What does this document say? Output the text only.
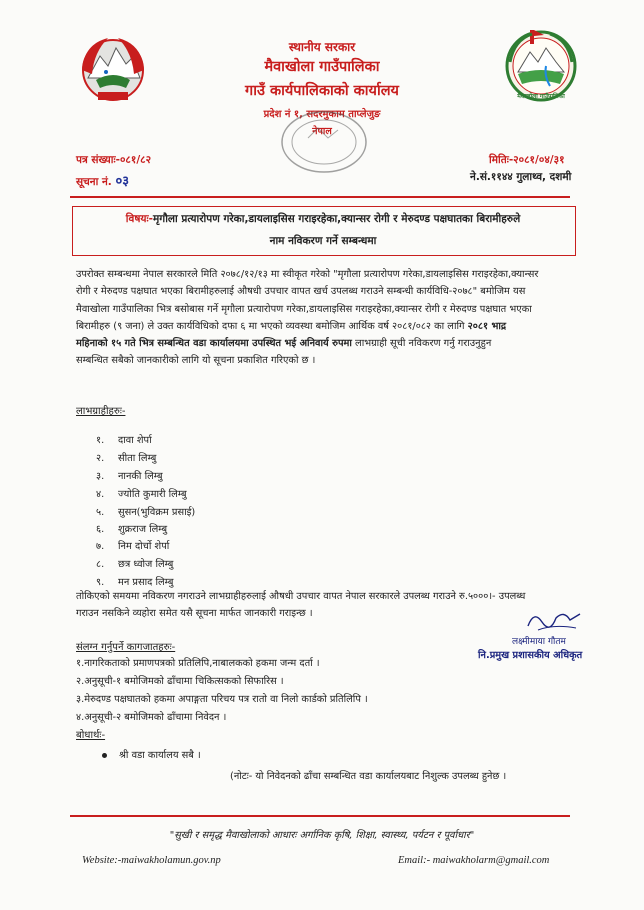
मैवाखोला गाउँपालिका
स्थानीय सरकार
मैवाखोला गाउँपालिका
गाउँ कार्यपालिकाको कार्यालय
प्रदेश नं १, सदरमुकाम ताप्लेजुङ
नेपाल
पत्र संख्याः-०८१/८२
सूचना नं. ०३
मितिः-२०८१/०४/३१
ने.सं.११४४ गुलाथ्व, दशमी
विषयः-मृगौला प्रत्यारोपण गरेका,डायलाइसिस गराइरहेका,क्यान्सर रोगी र मेरुदण्ड पक्षघातका बिरामीहरुले
नाम नविकरण गर्ने सम्बन्धमा
उपरोक्त सम्बन्धमा नेपाल सरकारले मिति २०७८/१२/१३ मा स्वीकृत गरेको "मृगौला प्रत्यारोपण गरेका,डायलाइसिस गराइरहेका,क्यान्सर
रोगी र मेरुदण्ड पक्षघात भएका बिरामीहरुलाई औषधी उपचार वापत खर्च उपलब्ध गराउने सम्बन्धी कार्यविधि-२०७८" बमोजिम यस
मैवाखोला गाउँपालिका भित्र बसोबास गर्ने मृगौला प्रत्यारोपण गरेका,डायलाइसिस गराइरहेका,क्यान्सर रोगी र मेरुदण्ड पक्षघात भएका
बिरामीहरु (९ जना) ले उक्त कार्यविधिको दफा ६ मा भएको व्यवस्था बमोजिम आर्थिक वर्ष २०८१/०८२ का लागि २०८१ भाद्र
महिनाको १५ गते भित्र सम्बन्धित वडा कार्यालयमा उपस्थित भई अनिवार्य रुपमा लाभग्राही सूची नविकरण गर्नु गराउनुहुन
सम्बन्धित सबैको जानकारीको लागि यो सूचना प्रकाशित गरिएको छ ।
लाभग्राहीहरुः-
१. दावा शेर्पा
२. सीता लिम्बु
३. नानकी लिम्बु
४. ज्योति कुमारी लिम्बु
५. सुसन(भुविक्रम प्रसाई)
६. शुक्रराज लिम्बु
७. निम दोर्चो शेर्पा
८. छत्र ध्वोज लिम्बु
९. मन प्रसाद लिम्बु
तोकिएको समयमा नविकरण नगराउने लाभग्राहीहरुलाई औषधी उपचार वापत नेपाल सरकारले उपलब्ध गराउने रु.५०००।- उपलब्ध
गराउन नसकिने व्यहोरा समेत यसै सूचना मार्फत जानकारी गराइन्छ ।
लक्ष्मीमाया गौतम
नि.प्रमुख प्रशासकीय अधिकृत
संलग्न गर्नुपर्ने कागजातहरुः-
१.नागरिकताको प्रमाणपत्रको प्रतिलिपि,नाबालकको हकमा जन्म दर्ता ।
२.अनुसूची-१ बमोजिमको ढाँचामा चिकित्सकको सिफारिस ।
३.मेरुदण्ड पक्षघातको हकमा अपाङ्गता परिचय पत्र रातो वा निलो कार्डको प्रतिलिपि ।
४.अनुसूची-२ बमोजिमको ढाँचामा निवेदन ।
बोधार्थः-
श्री वडा कार्यालय सबै ।
(नोटः- यो निवेदनको ढाँचा सम्बन्धित वडा कार्यालयबाट निशुल्क उपलब्ध हुनेछ ।
"सुखी र समृद्ध मैवाखोलाको आधारः अर्गानिक कृषि, शिक्षा, स्वास्थ्य, पर्यटन र पूर्वाधार"
Website:-maiwakholamun.gov.np	Email:- maiwakholarm@gmail.com
